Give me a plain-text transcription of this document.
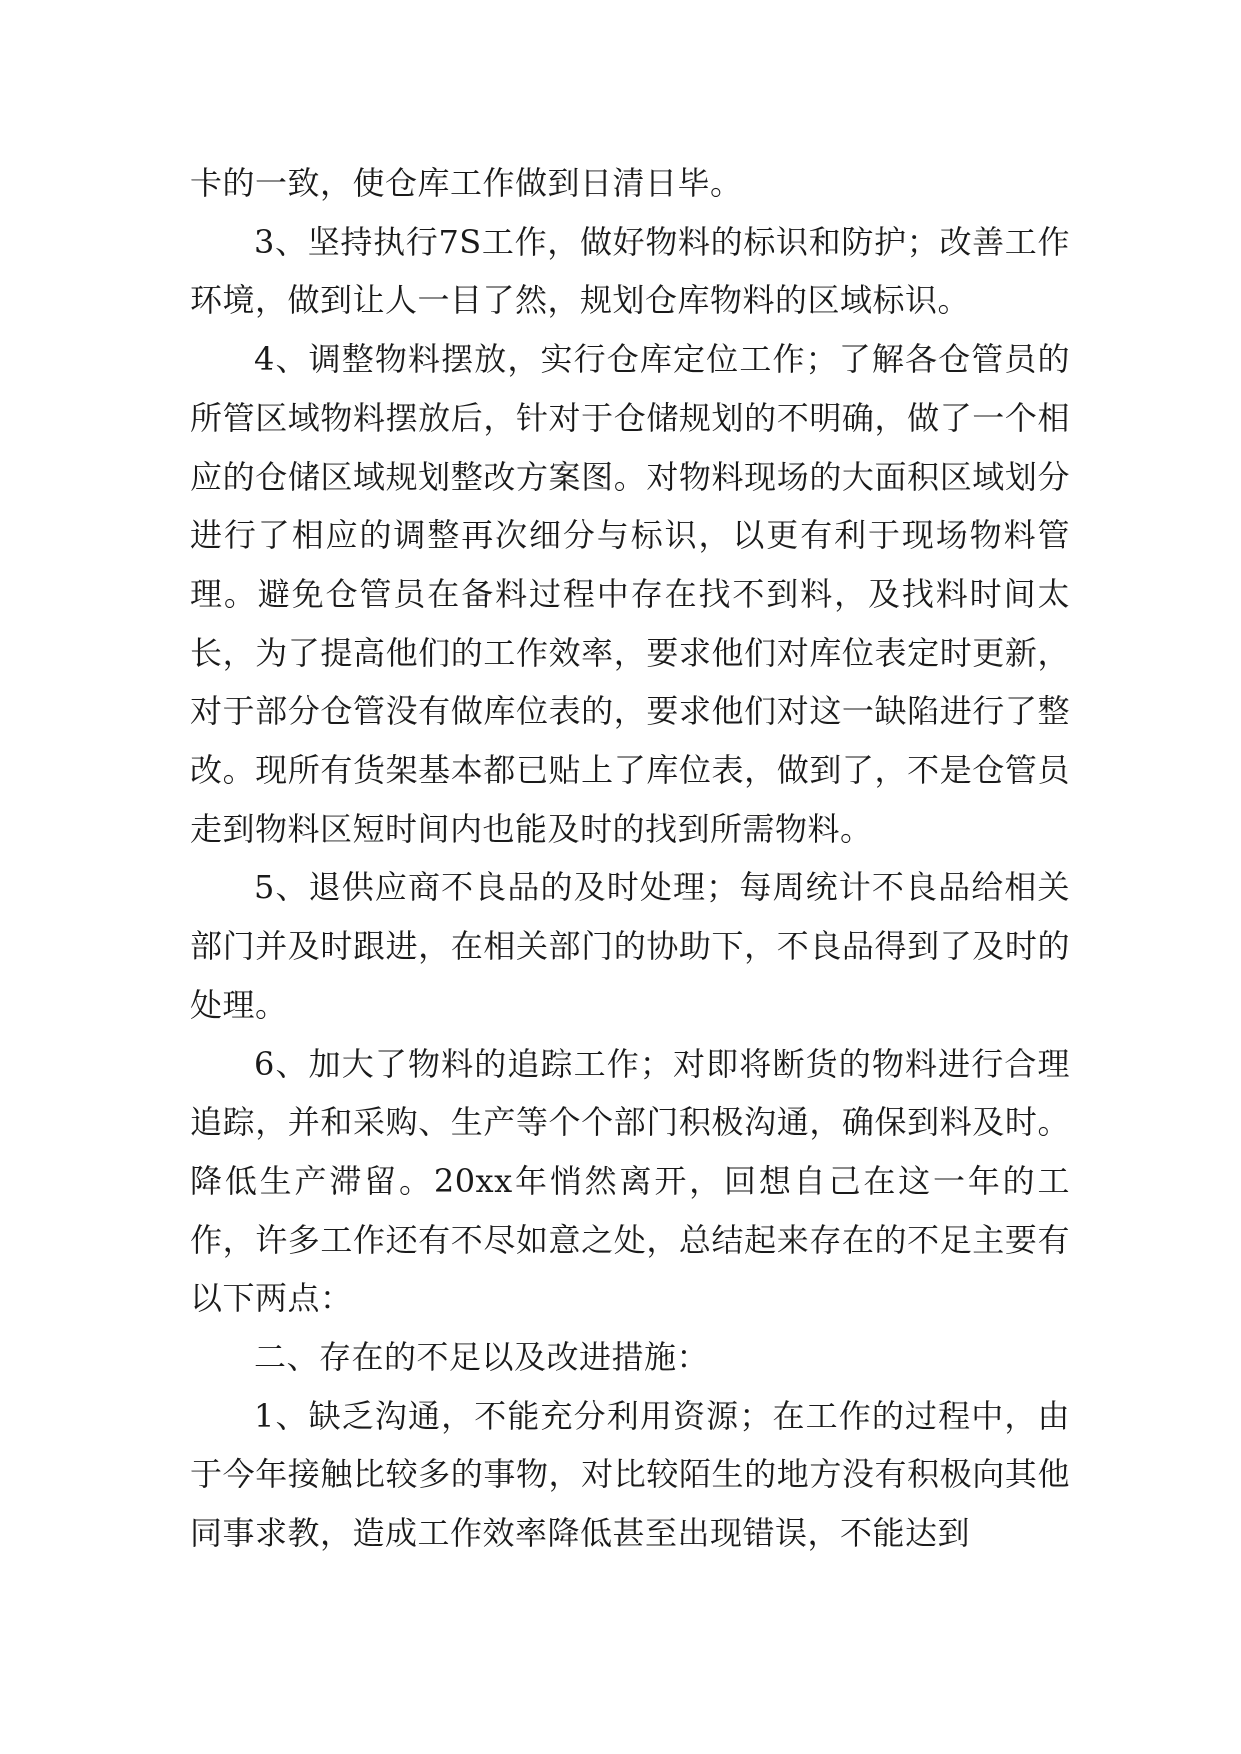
卡的一致，使仓库工作做到日清日毕。

3、坚持执行7S工作，做好物料的标识和防护；改善工作环境，做到让人一目了然，规划仓库物料的区域标识。

4、调整物料摆放，实行仓库定位工作；了解各仓管员的所管区域物料摆放后，针对于仓储规划的不明确，做了一个相应的仓储区域规划整改方案图。对物料现场的大面积区域划分进行了相应的调整再次细分与标识，以更有利于现场物料管理。避免仓管员在备料过程中存在找不到料，及找料时间太长，为了提高他们的工作效率，要求他们对库位表定时更新，对于部分仓管没有做库位表的，要求他们对这一缺陷进行了整改。现所有货架基本都已贴上了库位表，做到了，不是仓管员走到物料区短时间内也能及时的找到所需物料。

5、退供应商不良品的及时处理；每周统计不良品给相关部门并及时跟进，在相关部门的协助下，不良品得到了及时的处理。

6、加大了物料的追踪工作；对即将断货的物料进行合理追踪，并和采购、生产等个个部门积极沟通，确保到料及时。降低生产滞留。20xx年悄然离开，回想自己在这一年的工作，许多工作还有不尽如意之处，总结起来存在的不足主要有以下两点：

二、存在的不足以及改进措施：

1、缺乏沟通，不能充分利用资源；在工作的过程中，由于今年接触比较多的事物，对比较陌生的地方没有积极向其他同事求教，造成工作效率降低甚至出现错误，不能达到
